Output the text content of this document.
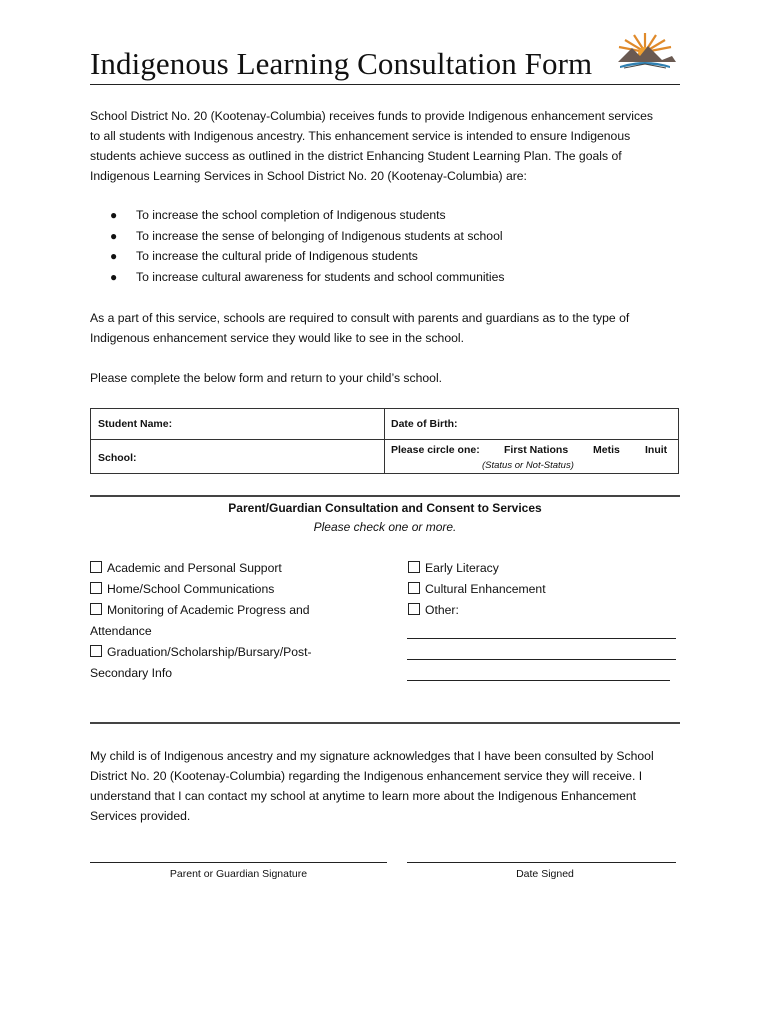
Indigenous Learning Consultation Form
School District No. 20 (Kootenay-Columbia) receives funds to provide Indigenous enhancement services
to all students with Indigenous ancestry. This enhancement service is intended to ensure Indigenous
students achieve success as outlined in the district Enhancing Student Learning Plan. The goals of
Indigenous Learning Services in School District No. 20 (Kootenay-Columbia) are:
● To increase the school completion of Indigenous students
● To increase the sense of belonging of Indigenous students at school
● To increase the cultural pride of Indigenous students
● To increase cultural awareness for students and school communities
As a part of this service, schools are required to consult with parents and guardians as to the type of
Indigenous enhancement service they would like to see in the school.
Please complete the below form and return to your child’s school.
Student Name:	Date of Birth:
School:
Please circle one: First Nations Metis Inuit
(Status or Not-Status)
Parent/Guardian Consultation and Consent to Services
Please check one or more.
Academic and Personal Support
Home/School Communications
Monitoring of Academic Progress and
Attendance
Graduation/Scholarship/Bursary/Post-
Secondary Info
Early Literacy
Cultural Enhancement
Other:
My child is of Indigenous ancestry and my signature acknowledges that I have been consulted by School
District No. 20 (Kootenay-Columbia) regarding the Indigenous enhancement service they will receive. I
understand that I can contact my school at anytime to learn more about the Indigenous Enhancement
Services provided.
Parent or Guardian Signature	Date Signed
